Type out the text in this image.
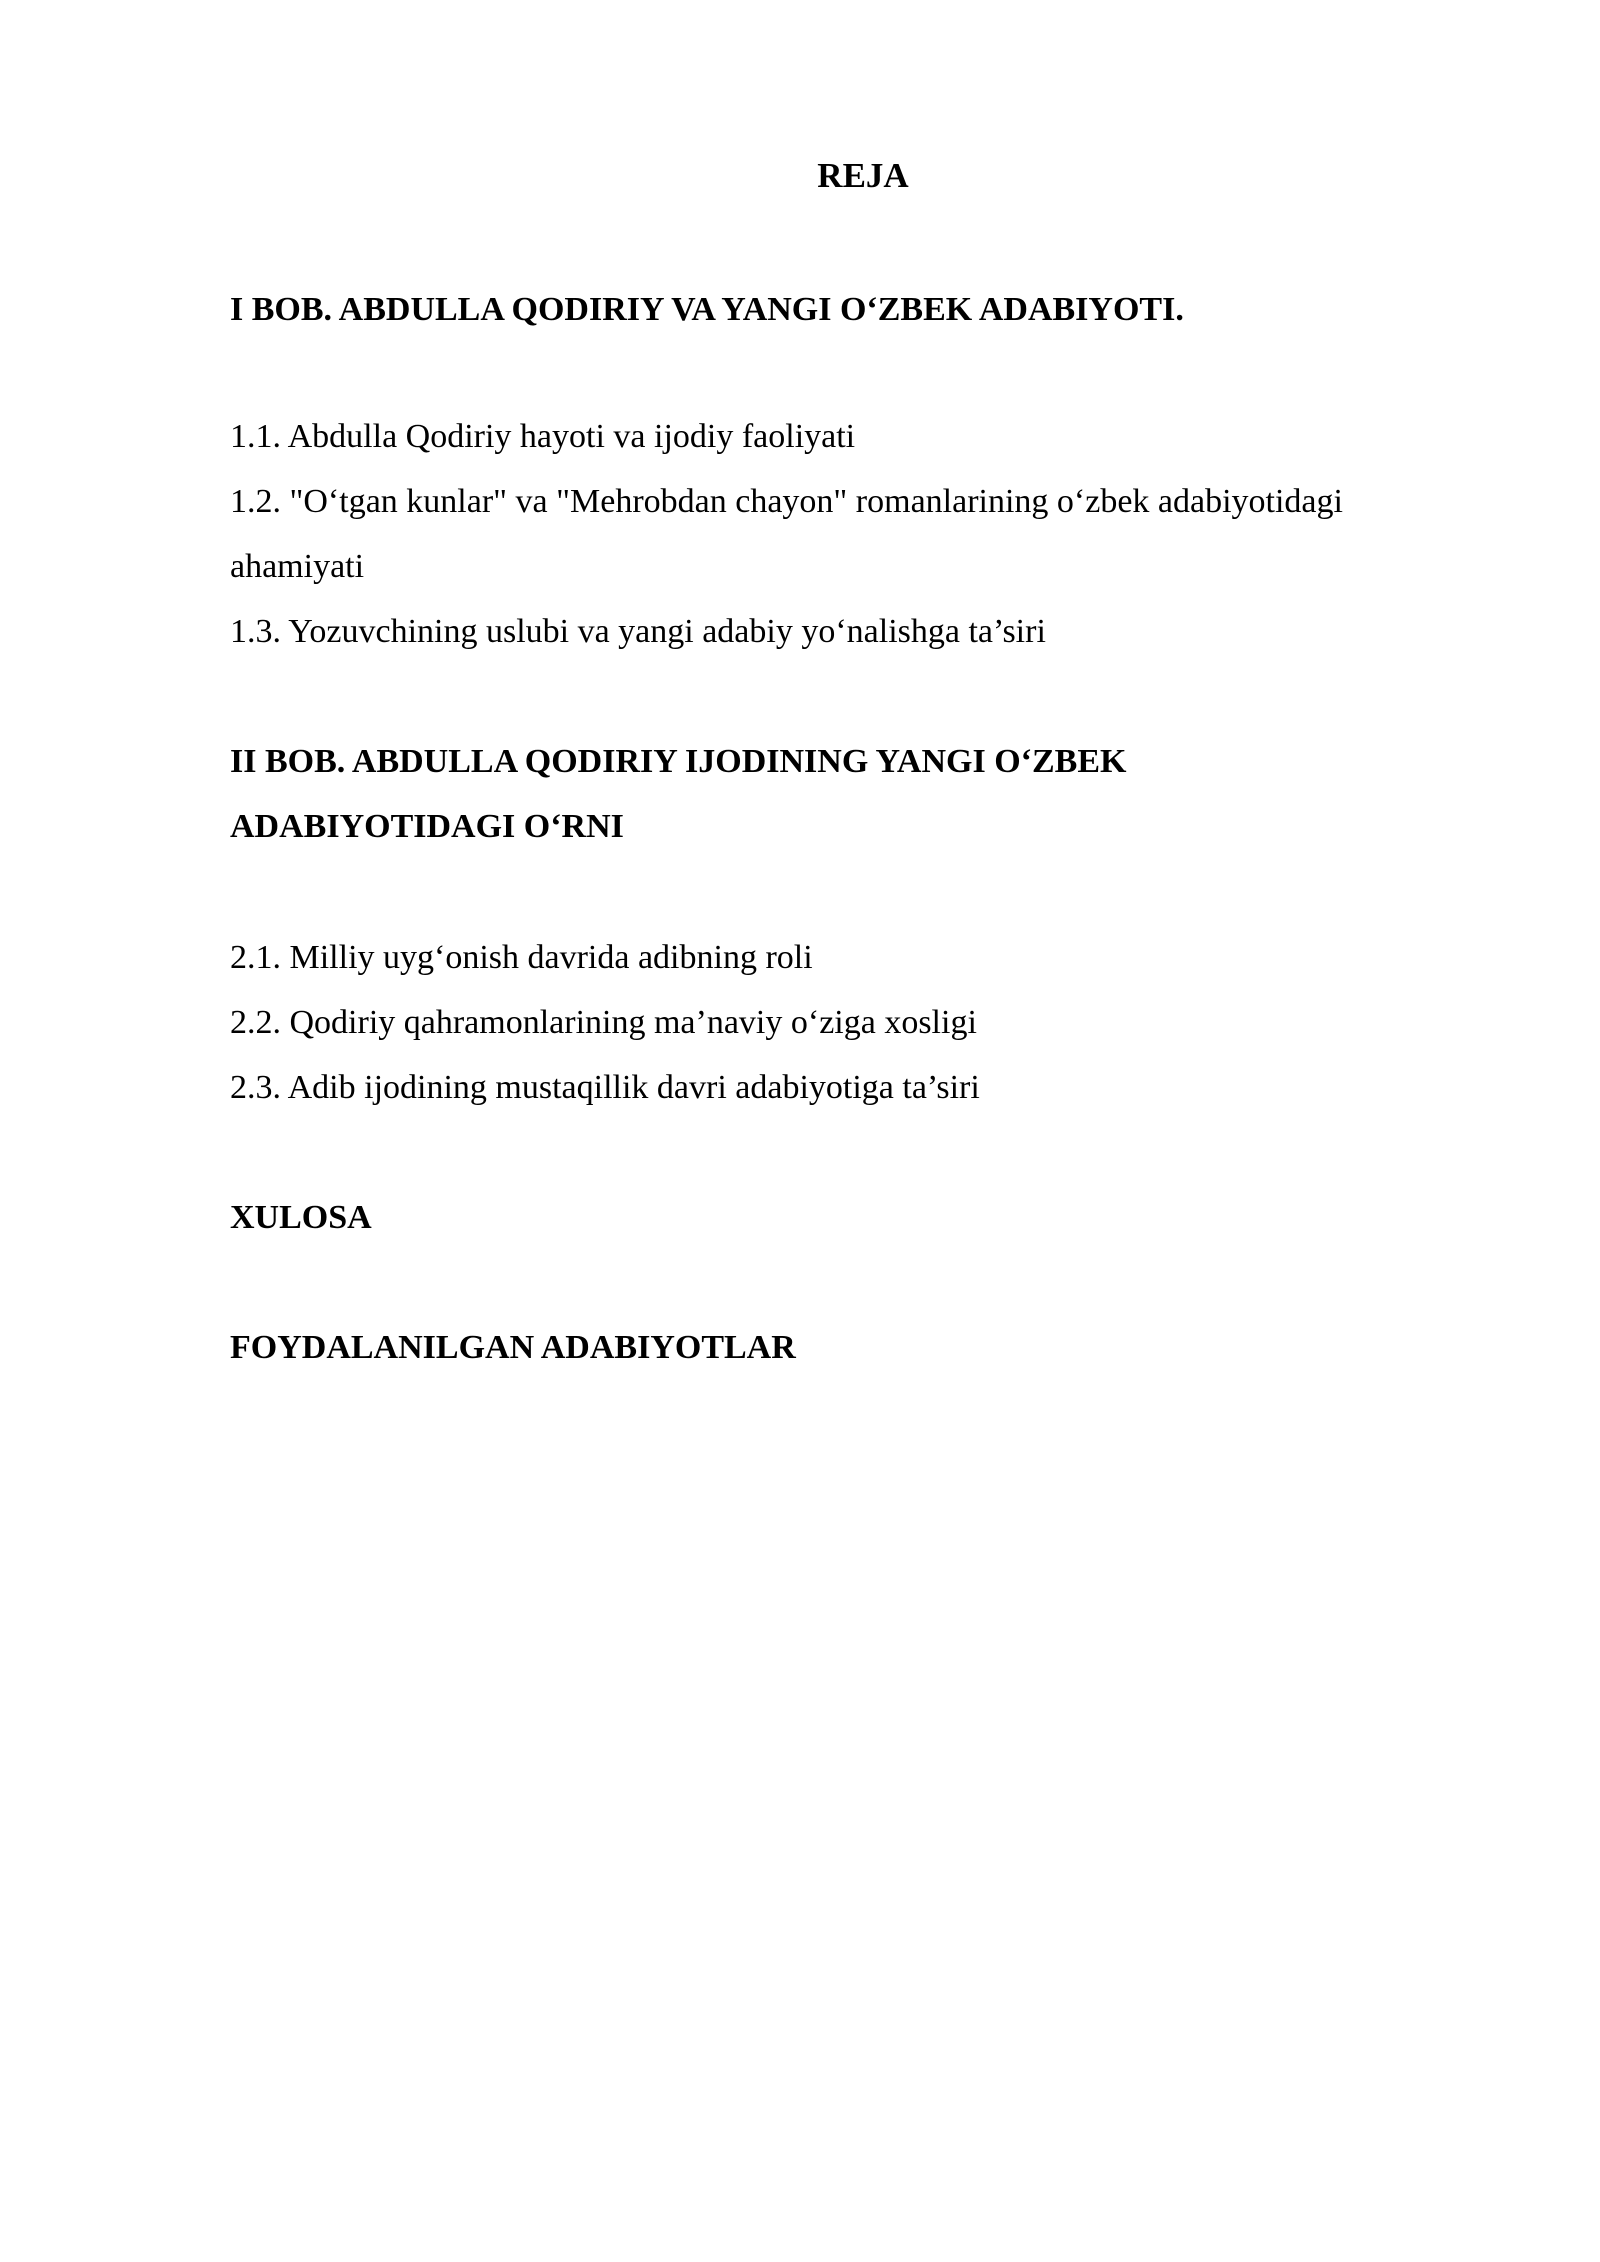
REJA
I BOB. ABDULLA QODIRIY VA YANGI O‘ZBEK ADABIYOTI.
1.1. Abdulla Qodiriy hayoti va ijodiy faoliyati
1.2. "O‘tgan kunlar" va "Mehrobdan chayon" romanlarining o‘zbek adabiyotidagi
ahamiyati
1.3. Yozuvchining uslubi va yangi adabiy yo‘nalishga ta’siri
II BOB. ABDULLA QODIRIY IJODINING YANGI O‘ZBEK
ADABIYOTIDAGI O‘RNI
2.1. Milliy uyg‘onish davrida adibning roli
2.2. Qodiriy qahramonlarining ma’naviy o‘ziga xosligi
2.3. Adib ijodining mustaqillik davri adabiyotiga ta’siri
XULOSA
FOYDALANILGAN ADABIYOTLAR
